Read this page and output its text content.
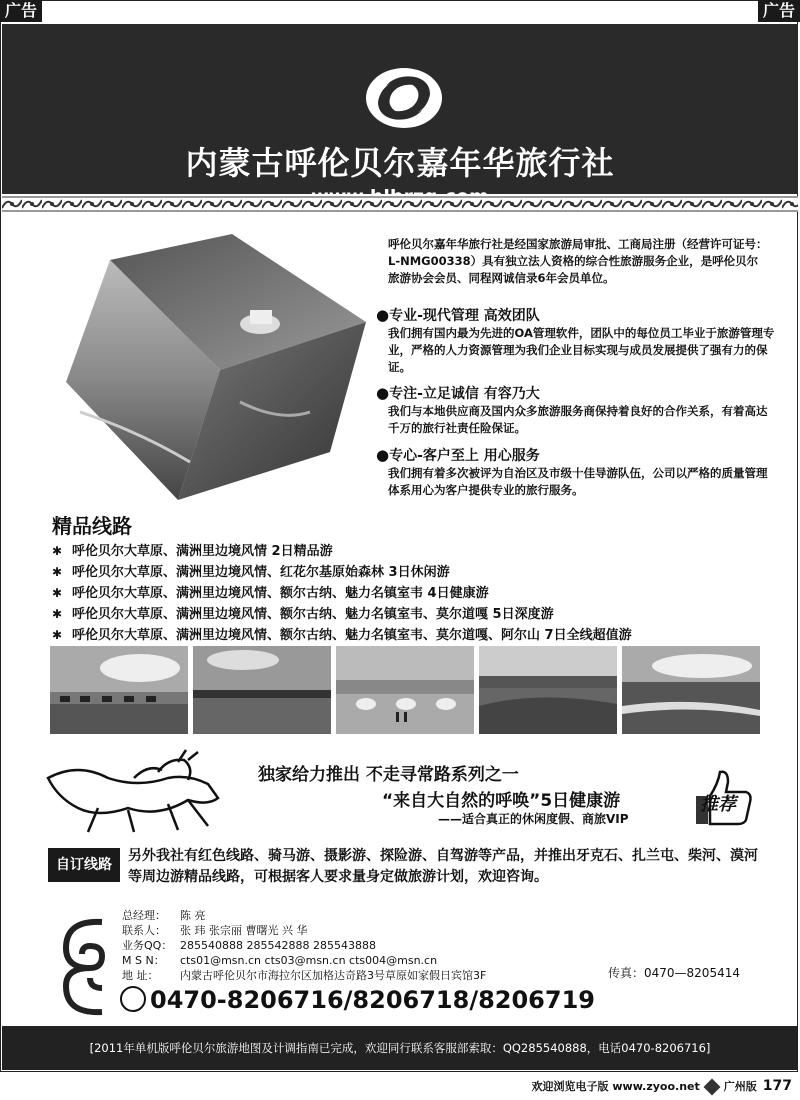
广告	广告
内蒙古呼伦贝尔嘉年华旅行社
呼伦贝尔嘉年华旅行社是经国家旅游局审批、工商局注册（经营许可证号：L-NMG00338）具有独立法人资格的综合性旅游服务企业，是呼伦贝尔旅游协会会员、同程网诚信录6年会员单位。
●专业-现代管理 高效团队
我们拥有国内最为先进的OA管理软件，团队中的每位员工毕业于旅游管理专业，严格的人力资源管理为我们企业目标实现与成员发展提供了强有力的保证。
●专注-立足诚信 有容乃大
我们与本地供应商及国内众多旅游服务商保持着良好的合作关系，有着高达千万的旅行社责任险保证。
●专心-客户至上 用心服务
我们拥有着多次被评为自治区及市级十佳导游队伍，公司以严格的质量管理体系用心为客户提供专业的旅行服务。
精品线路
✱ 呼伦贝尔大草原、满洲里边境风情 2日精品游
✱ 呼伦贝尔大草原、满洲里边境风情、红花尔基原始森林 3日休闲游
✱ 呼伦贝尔大草原、满洲里边境风情、额尔古纳、魅力名镇室韦 4日健康游
✱ 呼伦贝尔大草原、满洲里边境风情、额尔古纳、魅力名镇室韦、莫尔道嘎 5日深度游
✱ 呼伦贝尔大草原、满洲里边境风情、额尔古纳、魅力名镇室韦、莫尔道嘎、阿尔山 7日全线超值游
独家给力推出 不走寻常路系列之一
“来自大自然的呼唤”5日健康游
——适合真正的休闲度假、商旅VIP
推荐
自订线路
另外我社有红色线路、骑马游、摄影游、探险游、自驾游等产品，并推出牙克石、扎兰屯、柴河、漠河等周边游精品线路，可根据客人要求量身定做旅游计划，欢迎咨询。
总经理： 陈 亮
联系人： 张 玮 张宗丽 曹曙光 兴 华
业务QQ： 285540888 285542888 285543888
M S N： cts01@msn.cn cts03@msn.cn cts004@msn.cn
地 址： 内蒙古呼伦贝尔市海拉尔区加格达奇路3号草原如家假日宾馆3F	传真：0470—8205414
0470-8206716/8206718/8206719
[2011年单机版呼伦贝尔旅游地图及计调指南已完成，欢迎同行联系客服部索取：QQ285540888，电话0470-8206716]
欢迎浏览电子版 www.zyoo.net 广州版 177
